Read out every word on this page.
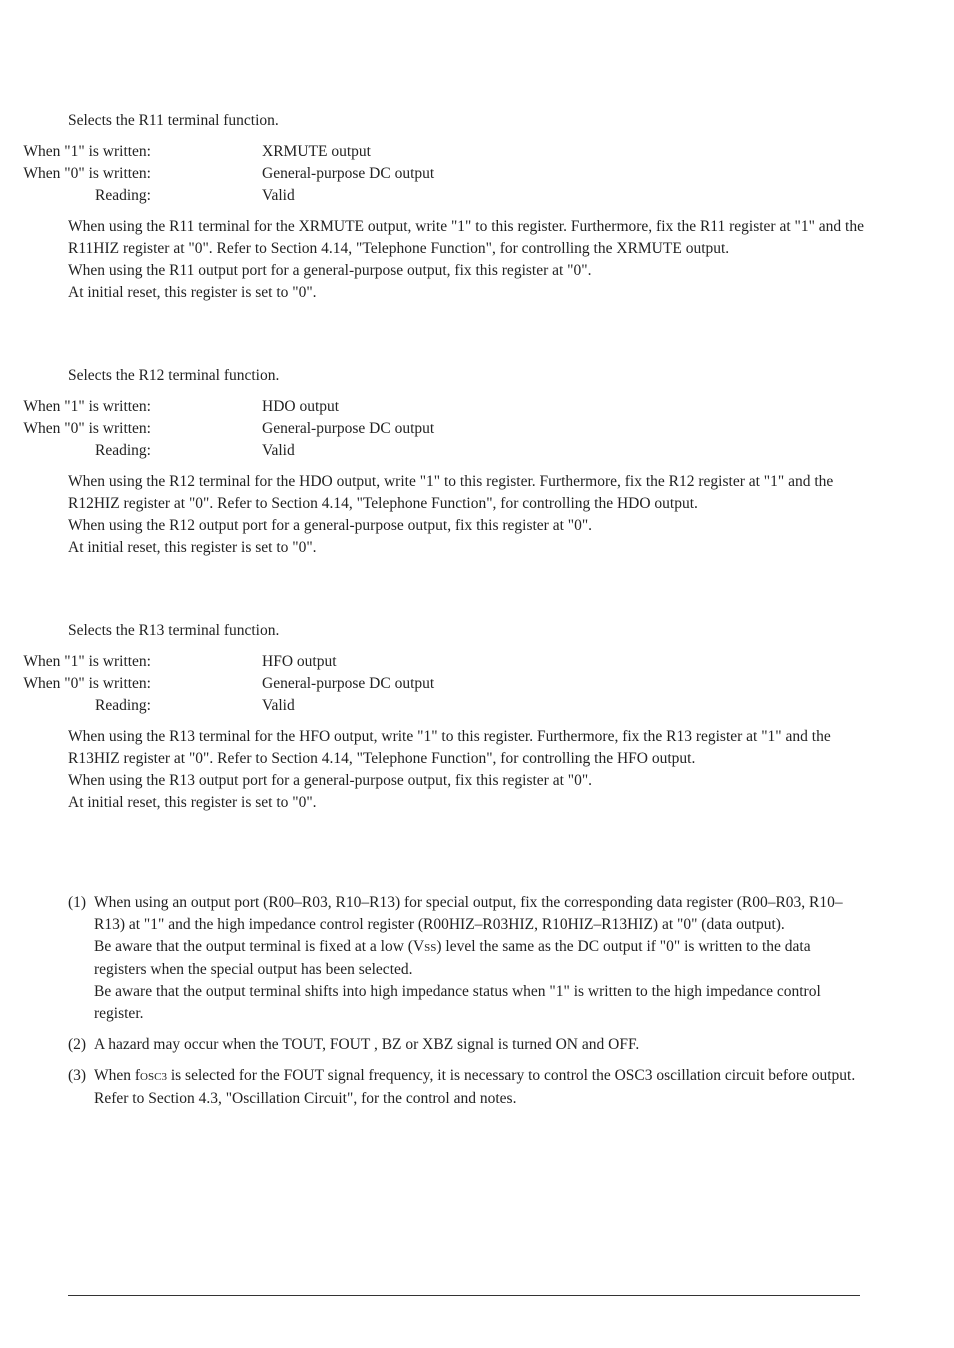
Selects the R11 terminal function.

When "1" is written:	XRMUTE output
When "0" is written:	General-purpose DC output
Reading:	Valid

When using the R11 terminal for the XRMUTE output, write "1" to this register. Furthermore, fix the R11 register at "1" and the R11HIZ register at "0". Refer to Section 4.14, "Telephone Function", for controlling the XRMUTE output.

When using the R11 output port for a general-purpose output, fix this register at "0".

At initial reset, this register is set to "0".

Selects the R12 terminal function.

When "1" is written:	HDO output
When "0" is written:	General-purpose DC output
Reading:	Valid

When using the R12 terminal for the HDO output, write "1" to this register. Furthermore, fix the R12 register at "1" and the R12HIZ register at "0". Refer to Section 4.14, "Telephone Function", for controlling the HDO output.

When using the R12 output port for a general-purpose output, fix this register at "0".

At initial reset, this register is set to "0".

Selects the R13 terminal function.

When "1" is written:	HFO output
When "0" is written:	General-purpose DC output
Reading:	Valid

When using the R13 terminal for the HFO output, write "1" to this register. Furthermore, fix the R13 register at "1" and the R13HIZ register at "0". Refer to Section 4.14, "Telephone Function", for controlling the HFO output.

When using the R13 output port for a general-purpose output, fix this register at "0".

At initial reset, this register is set to "0".

(1) When using an output port (R00–R03, R10–R13) for special output, fix the corresponding data register (R00–R03, R10–R13) at "1" and the high impedance control register (R00HIZ–R03HIZ, R10HIZ–R13HIZ) at "0" (data output).

Be aware that the output terminal is fixed at a low (VSS) level the same as the DC output if "0" is written to the data registers when the special output has been selected.

Be aware that the output terminal shifts into high impedance status when "1" is written to the high impedance control register.

(2) A hazard may occur when the TOUT, FOUT , BZ or XBZ signal is turned ON and OFF.

(3) When fOSC3 is selected for the FOUT signal frequency, it is necessary to control the OSC3 oscillation circuit before output.

Refer to Section 4.3, "Oscillation Circuit", for the control and notes.
